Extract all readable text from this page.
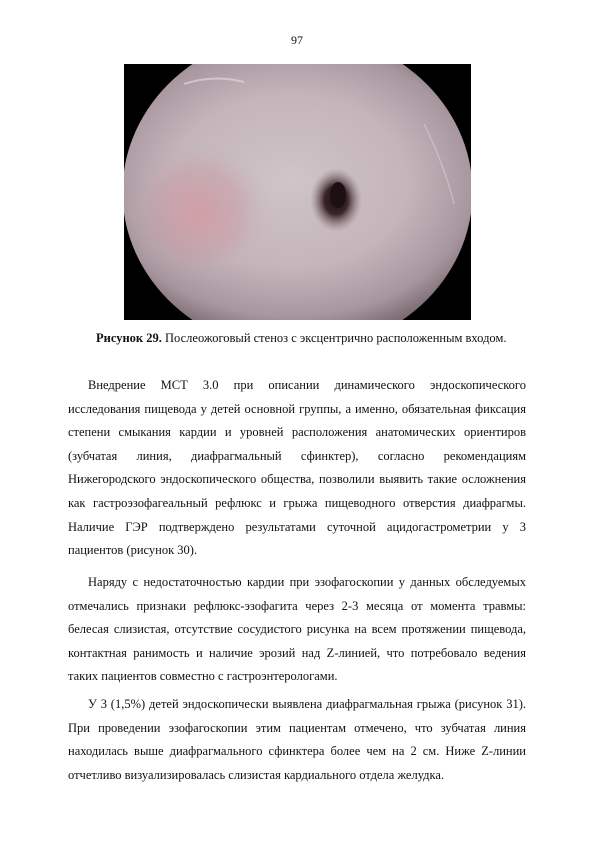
97
Рисунок 29. Послеожоговый стеноз с эксцентрично расположенным входом.
Внедрение МСТ 3.0 при описании динамического эндоскопического исследования пищевода у детей основной группы, а именно, обязательная фиксация степени смыкания кардии и уровней расположения анатомических ориентиров (зубчатая линия, диафрагмальный сфинктер), согласно рекомендациям Нижегородского эндоскопического общества, позволили выявить такие осложнения как гастроэзофагеальный рефлюкс и грыжа пищеводного отверстия диафрагмы. Наличие ГЭР подтверждено результатами суточной ацидогастрометрии у 3 пациентов (рисунок 30).
Наряду с недостаточностью кардии при эзофагоскопии у данных обследуемых отмечались признаки рефлюкс-эзофагита через 2-3 месяца от момента травмы: белесая слизистая, отсутствие сосудистого рисунка на всем протяжении пищевода, контактная ранимость и наличие эрозий над Z-линией, что потребовало ведения таких пациентов совместно с гастроэнтерологами.
У 3 (1,5%) детей эндоскопически выявлена диафрагмальная грыжа (рисунок 31). При проведении эзофагоскопии этим пациентам отмечено, что зубчатая линия находилась выше диафрагмального сфинктера более чем на 2 см. Ниже Z-линии отчетливо визуализировалась слизистая кардиального отдела желудка.
